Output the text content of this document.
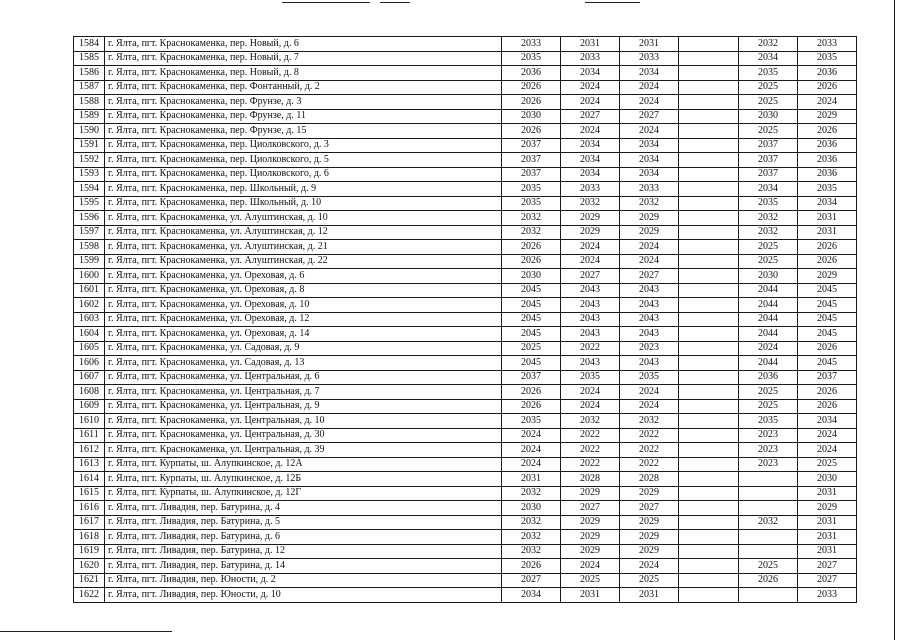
1584	г. Ялта, пгт. Краснокаменка, пер. Новый, д. 6	2033	2031	2031		2032	2033
1585	г. Ялта, пгт. Краснокаменка, пер. Новый, д. 7	2035	2033	2033		2034	2035
1586	г. Ялта, пгт. Краснокаменка, пер. Новый, д. 8	2036	2034	2034		2035	2036
1587	г. Ялта, пгт. Краснокаменка, пер. Фонтанный, д. 2	2026	2024	2024		2025	2026
1588	г. Ялта, пгт. Краснокаменка, пер. Фрунзе, д. 3	2026	2024	2024		2025	2024
1589	г. Ялта, пгт. Краснокаменка, пер. Фрунзе, д. 11	2030	2027	2027		2030	2029
1590	г. Ялта, пгт. Краснокаменка, пер. Фрунзе, д. 15	2026	2024	2024		2025	2026
1591	г. Ялта, пгт. Краснокаменка, пер. Циолковского, д. 3	2037	2034	2034		2037	2036
1592	г. Ялта, пгт. Краснокаменка, пер. Циолковского, д. 5	2037	2034	2034		2037	2036
1593	г. Ялта, пгт. Краснокаменка, пер. Циолковского, д. 6	2037	2034	2034		2037	2036
1594	г. Ялта, пгт. Краснокаменка, пер. Школьный, д. 9	2035	2033	2033		2034	2035
1595	г. Ялта, пгт. Краснокаменка, пер. Школьный, д. 10	2035	2032	2032		2035	2034
1596	г. Ялта, пгт. Краснокаменка, ул. Алуштинская, д. 10	2032	2029	2029		2032	2031
1597	г. Ялта, пгт. Краснокаменка, ул. Алуштинская, д. 12	2032	2029	2029		2032	2031
1598	г. Ялта, пгт. Краснокаменка, ул. Алуштинская, д. 21	2026	2024	2024		2025	2026
1599	г. Ялта, пгт. Краснокаменка, ул. Алуштинская, д. 22	2026	2024	2024		2025	2026
1600	г. Ялта, пгт. Краснокаменка, ул. Ореховая, д. 6	2030	2027	2027		2030	2029
1601	г. Ялта, пгт. Краснокаменка, ул. Ореховая, д. 8	2045	2043	2043		2044	2045
1602	г. Ялта, пгт. Краснокаменка, ул. Ореховая, д. 10	2045	2043	2043		2044	2045
1603	г. Ялта, пгт. Краснокаменка, ул. Ореховая, д. 12	2045	2043	2043		2044	2045
1604	г. Ялта, пгт. Краснокаменка, ул. Ореховая, д. 14	2045	2043	2043		2044	2045
1605	г. Ялта, пгт. Краснокаменка, ул. Садовая, д. 9	2025	2022	2023		2024	2026
1606	г. Ялта, пгт. Краснокаменка, ул. Садовая, д. 13	2045	2043	2043		2044	2045
1607	г. Ялта, пгт. Краснокаменка, ул. Центральная, д. 6	2037	2035	2035		2036	2037
1608	г. Ялта, пгт. Краснокаменка, ул. Центральная, д. 7	2026	2024	2024		2025	2026
1609	г. Ялта, пгт. Краснокаменка, ул. Центральная, д. 9	2026	2024	2024		2025	2026
1610	г. Ялта, пгт. Краснокаменка, ул. Центральная, д. 10	2035	2032	2032		2035	2034
1611	г. Ялта, пгт. Краснокаменка, ул. Центральная, д. 30	2024	2022	2022		2023	2024
1612	г. Ялта, пгт. Краснокаменка, ул. Центральная, д. 39	2024	2022	2022		2023	2024
1613	г. Ялта, пгт. Курпаты, ш. Алупкинское, д. 12А	2024	2022	2022		2023	2025
1614	г. Ялта, пгт. Курпаты, ш. Алупкинское, д. 12Б	2031	2028	2028			2030
1615	г. Ялта, пгт. Курпаты, ш. Алупкинское, д. 12Г	2032	2029	2029			2031
1616	г. Ялта, пгт. Ливадия, пер. Батурина, д. 4	2030	2027	2027			2029
1617	г. Ялта, пгт. Ливадия, пер. Батурина, д. 5	2032	2029	2029		2032	2031
1618	г. Ялта, пгт. Ливадия, пер. Батурина, д. 6	2032	2029	2029			2031
1619	г. Ялта, пгт. Ливадия, пер. Батурина, д. 12	2032	2029	2029			2031
1620	г. Ялта, пгт. Ливадия, пер. Батурина, д. 14	2026	2024	2024		2025	2027
1621	г. Ялта, пгт. Ливадия, пер. Юности, д. 2	2027	2025	2025		2026	2027
1622	г. Ялта, пгт. Ливадия, пер. Юности, д. 10	2034	2031	2031			2033
